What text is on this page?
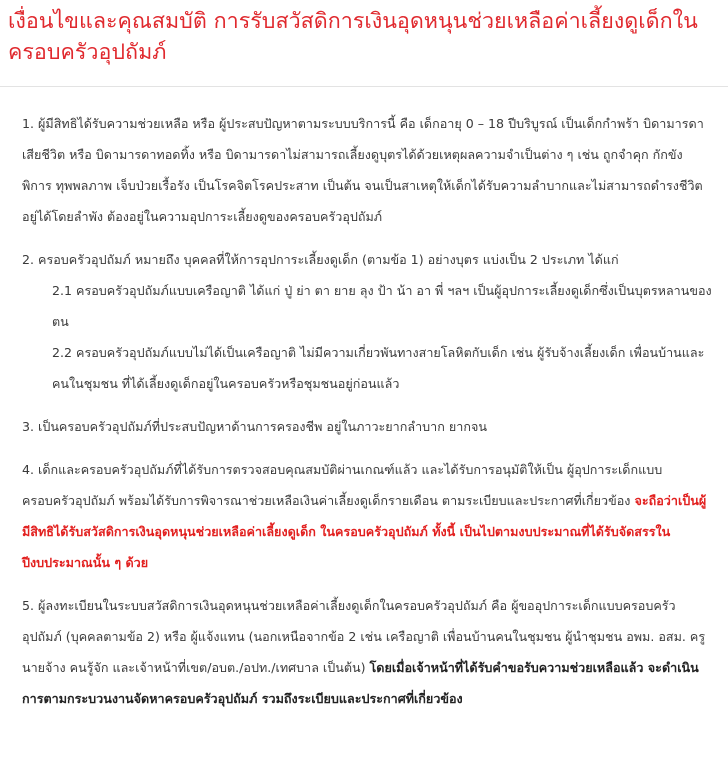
เงื่อนไขและคุณสมบัติ การรับสวัสดิการเงินอุดหนุนช่วยเหลือค่าเลี้ยงดูเด็กในครอบครัวอุปถัมภ์

1. ผู้มีสิทธิได้รับความช่วยเหลือ หรือ ผู้ประสบปัญหาตามระบบบริการนี้ คือ เด็กอายุ 0 – 18 ปีบริบูรณ์ เป็นเด็กกำพร้า บิดามารดาเสียชีวิต หรือ บิดามารดาทอดทิ้ง หรือ บิดามารดาไม่สามารถเลี้ยงดูบุตรได้ด้วยเหตุผลความจำเป็นต่าง ๆ เช่น ถูกจำคุก กักขัง พิการ ทุพพลภาพ เจ็บป่วยเรื้อรัง เป็นโรคจิตโรคประสาท เป็นต้น จนเป็นสาเหตุให้เด็กได้รับความลำบากและไม่สามารถดำรงชีวิตอยู่ได้โดยลำพัง ต้องอยู่ในความอุปการะเลี้ยงดูของครอบครัวอุปถัมภ์

2. ครอบครัวอุปถัมภ์ หมายถึง บุคคลที่ให้การอุปการะเลี้ยงดูเด็ก (ตามข้อ 1) อย่างบุตร แบ่งเป็น 2 ประเภท ได้แก่

2.1 ครอบครัวอุปถัมภ์แบบเครือญาติ ได้แก่ ปู่ ย่า ตา ยาย ลุง ป้า น้า อา พี่ ฯลฯ เป็นผู้อุปการะเลี้ยงดูเด็กซึ่งเป็นบุตรหลานของตน

2.2 ครอบครัวอุปถัมภ์แบบไม่ได้เป็นเครือญาติ ไม่มีความเกี่ยวพันทางสายโลหิตกับเด็ก เช่น ผู้รับจ้างเลี้ยงเด็ก เพื่อนบ้านและคนในชุมชน ที่ได้เลี้ยงดูเด็กอยู่ในครอบครัวหรือชุมชนอยู่ก่อนแล้ว

3. เป็นครอบครัวอุปถัมภ์ที่ประสบปัญหาด้านการครองชีพ อยู่ในภาวะยากลำบาก ยากจน

4. เด็กและครอบครัวอุปถัมภ์ที่ได้รับการตรวจสอบคุณสมบัติผ่านเกณฑ์แล้ว และได้รับการอนุมัติให้เป็น ผู้อุปการะเด็กแบบครอบครัวอุปถัมภ์ พร้อมได้รับการพิจารณาช่วยเหลือเงินค่าเลี้ยงดูเด็กรายเดือน ตามระเบียบและประกาศที่เกี่ยวข้อง จะถือว่าเป็นผู้มีสิทธิได้รับสวัสดิการเงินอุดหนุนช่วยเหลือค่าเลี้ยงดูเด็ก ในครอบครัวอุปถัมภ์ ทั้งนี้ เป็นไปตามงบประมาณที่ได้รับจัดสรรในปีงบประมาณนั้น ๆ ด้วย

5. ผู้ลงทะเบียนในระบบสวัสดิการเงินอุดหนุนช่วยเหลือค่าเลี้ยงดูเด็กในครอบครัวอุปถัมภ์ คือ ผู้ขออุปการะเด็กแบบครอบครัวอุปถัมภ์ (บุคคลตามข้อ 2) หรือ ผู้แจ้งแทน (นอกเหนือจากข้อ 2 เช่น เครือญาติ เพื่อนบ้านคนในชุมชน ผู้นำชุมชน อพม. อสม. ครู นายจ้าง คนรู้จัก และเจ้าหน้าที่เขต/อบต./อปท./เทศบาล เป็นต้น) โดยเมื่อเจ้าหน้าที่ได้รับคำขอรับความช่วยเหลือแล้ว จะดำเนินการตามกระบวนงานจัดหาครอบครัวอุปถัมภ์ รวมถึงระเบียบและประกาศที่เกี่ยวข้อง
